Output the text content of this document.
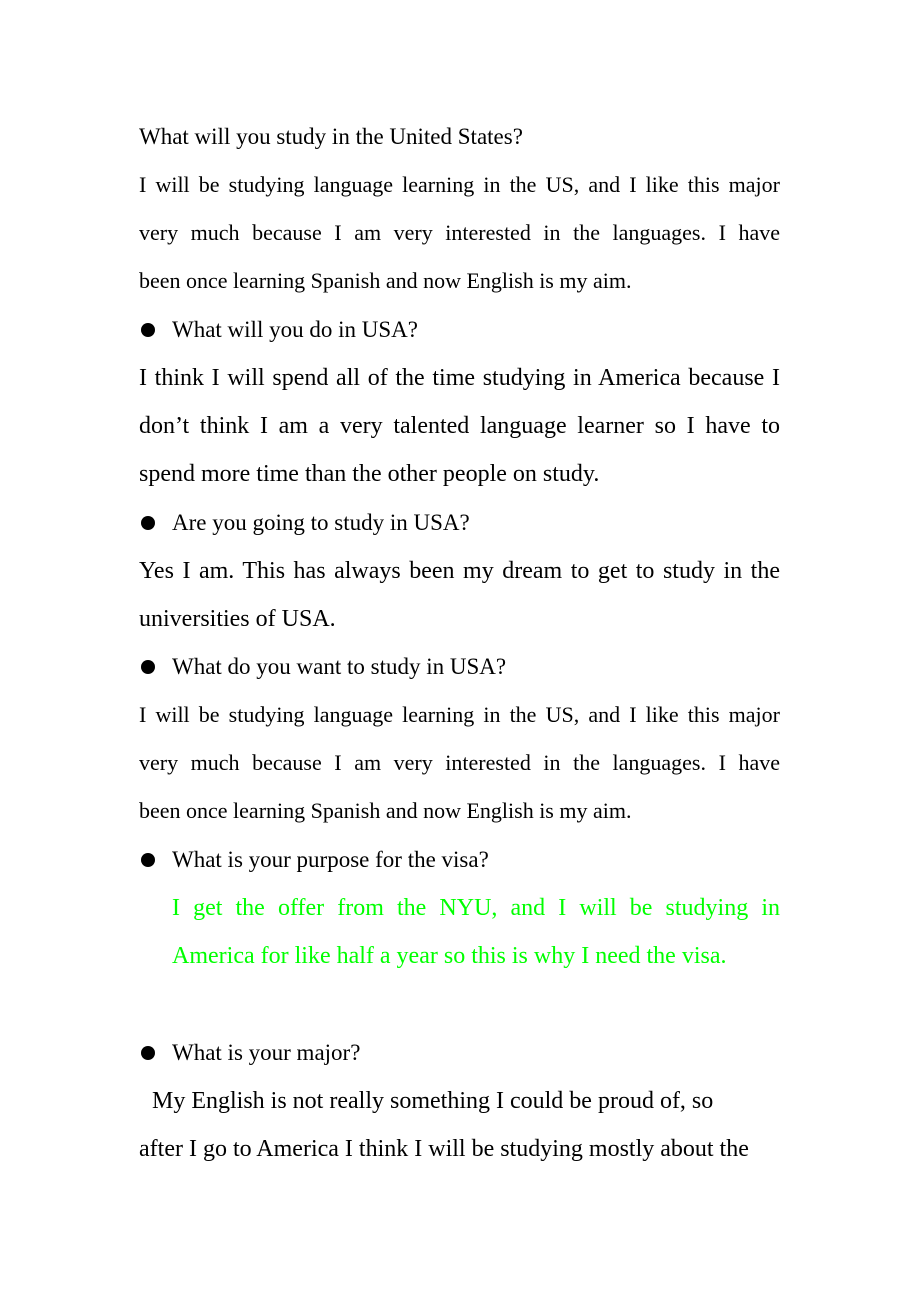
What will you study in the United States?
I will be studying language learning in the US, and I like this major
very much because I am very interested in the languages. I have
been once learning Spanish and now English is my aim.
What will you do in USA?
I think I will spend all of the time studying in America because I
don’t think I am a very talented language learner so I have to
spend more time than the other people on study.
Are you going to study in USA?
Yes I am. This has always been my dream to get to study in the
universities of USA.
What do you want to study in USA?
I will be studying language learning in the US, and I like this major
very much because I am very interested in the languages. I have
been once learning Spanish and now English is my aim.
What is your purpose for the visa?
I get the offer from the NYU, and I will be studying in
America for like half a year so this is why I need the visa.
What is your major?
My English is not really something I could be proud of, so
after I go to America I think I will be studying mostly about the
